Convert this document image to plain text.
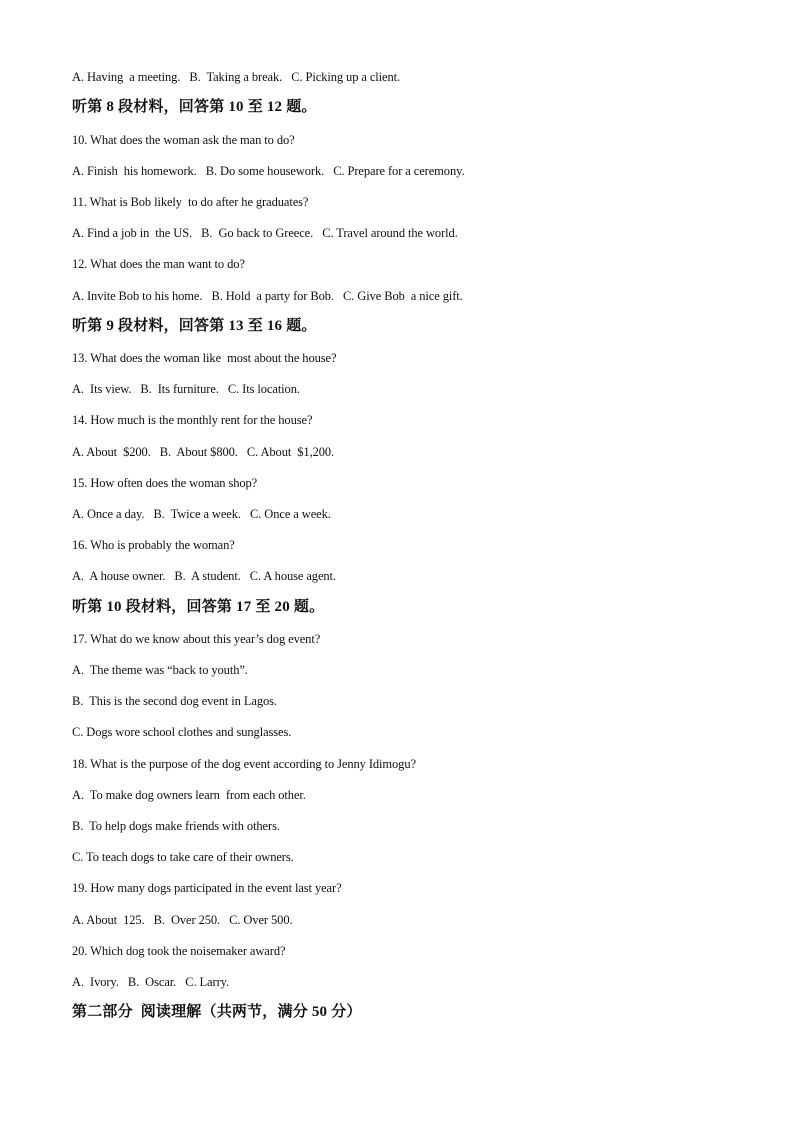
A. Having  a meeting.   B.  Taking a break.   C. Picking up a client.
听第 8 段材料，回答第 10 至 12 题。
10. What does the woman ask the man to do?
A. Finish  his homework.   B. Do some housework.   C. Prepare for a ceremony.
11. What is Bob likely  to do after he graduates?
A. Find a job in  the US.   B.  Go back to Greece.   C. Travel around the world.
12. What does the man want to do?
A. Invite Bob to his home.   B. Hold  a party for Bob.   C. Give Bob  a nice gift.
听第 9 段材料，回答第 13 至 16 题。
13. What does the woman like  most about the house?
A.  Its view.   B.  Its furniture.   C. Its location.
14. How much is the monthly rent for the house?
A. About  $200.   B.  About $800.   C. About  $1,200.
15. How often does the woman shop?
A. Once a day.   B.  Twice a week.   C. Once a week.
16. Who is probably the woman?
A.  A house owner.   B.  A student.   C. A house agent.
听第 10 段材料，回答第 17 至 20 题。
17. What do we know about this year’s dog event?
A.  The theme was “back to youth”.
B.  This is the second dog event in Lagos.
C. Dogs wore school clothes and sunglasses.
18. What is the purpose of the dog event according to Jenny Idimogu?
A.  To make dog owners learn  from each other.
B.  To help dogs make friends with others.
C. To teach dogs to take care of their owners.
19. How many dogs participated in the event last year?
A. About  125.   B.  Over 250.   C. Over 500.
20. Which dog took the noisemaker award?
A.  Ivory.   B.  Oscar.   C. Larry.
第二部分  阅读理解（共两节，满分 50 分）
